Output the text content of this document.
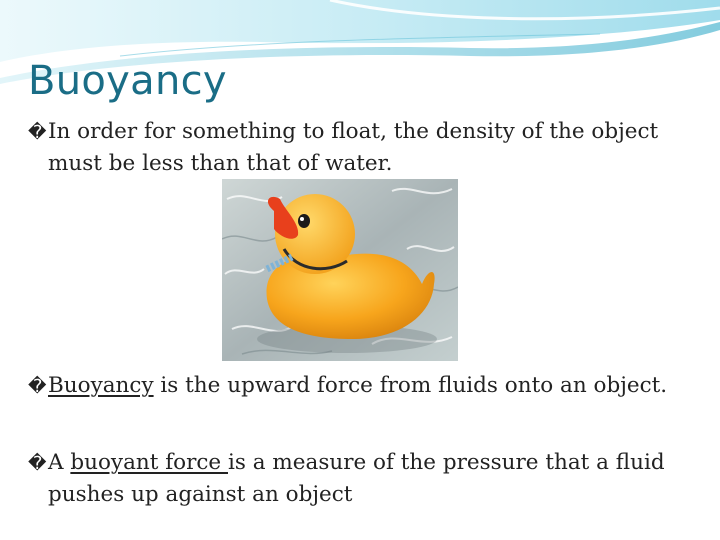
Buoyancy

�In order for something to float, the density of the object must be less than that of water.

�Buoyancy is the upward force from fluids onto an object.

�A buoyant force is a measure of the pressure that a fluid pushes up against an object
